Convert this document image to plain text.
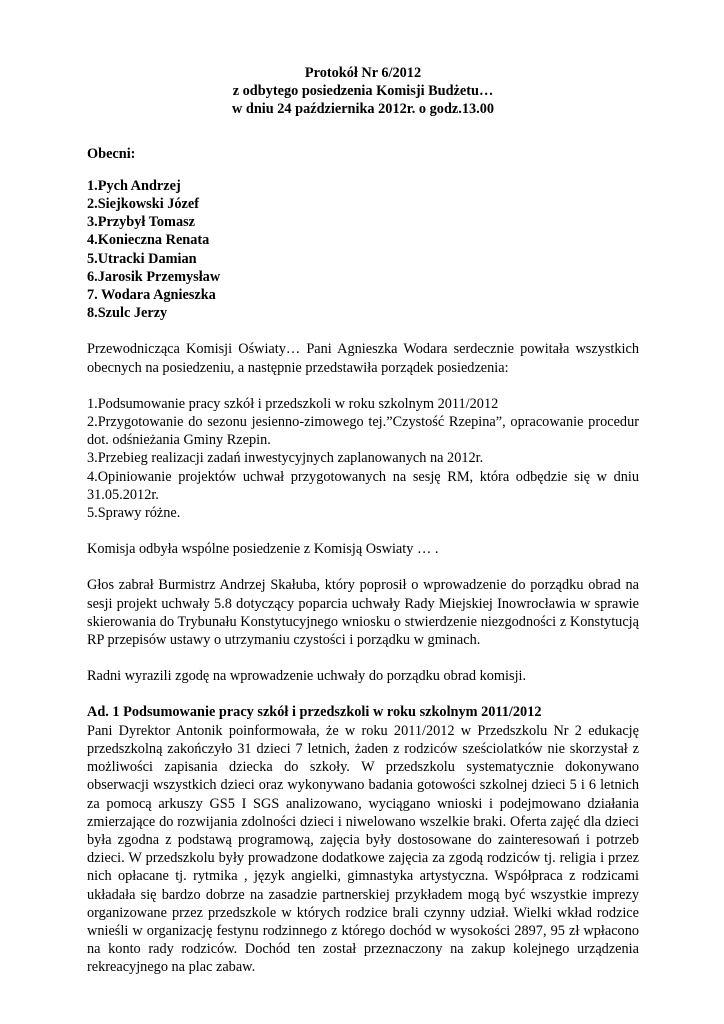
Protokół Nr 6/2012

z odbytego posiedzenia Komisji Budżetu…

w dniu 24 października 2012r. o godz.13.00

Obecni:

1.Pych Andrzej
2.Siejkowski Józef
3.Przybył Tomasz
4.Konieczna Renata
5.Utracki Damian
6.Jarosik Przemysław
7. Wodara Agnieszka
8.Szulc Jerzy

Przewodnicząca Komisji Oświaty… Pani Agnieszka Wodara serdecznie powitała wszystkich obecnych na posiedzeniu, a następnie przedstawiła porządek posiedzenia:

1.Podsumowanie pracy szkół i przedszkoli w roku szkolnym 2011/2012
2.Przygotowanie do sezonu jesienno-zimowego tej.”Czystość Rzepina”, opracowanie procedur dot. odśnieżania Gminy Rzepin.
3.Przebieg realizacji zadań inwestycyjnych zaplanowanych na 2012r.
4.Opiniowanie projektów uchwał przygotowanych na sesję RM, która odbędzie się w dniu 31.05.2012r.
5.Sprawy różne.

Komisja odbyła wspólne posiedzenie z Komisją Oswiaty … .

Głos zabrał Burmistrz Andrzej Skałuba, który poprosił o wprowadzenie do porządku obrad na sesji projekt uchwały 5.8 dotyczący poparcia uchwały Rady Miejskiej Inowrocławia w sprawie skierowania do Trybunału Konstytucyjnego wniosku o stwierdzenie niezgodności z Konstytucją RP przepisów ustawy o utrzymaniu czystości i porządku w gminach.

Radni wyrazili zgodę na wprowadzenie uchwały do porządku obrad komisji.

Ad. 1 Podsumowanie pracy szkół i przedszkoli w roku szkolnym 2011/2012

Pani Dyrektor Antonik poinformowała, że w roku 2011/2012 w Przedszkolu Nr 2 edukację przedszkolną zakończyło 31 dzieci 7 letnich, żaden z rodziców sześciolatków nie skorzystał z możliwości zapisania dziecka do szkoły. W przedszkolu systematycznie dokonywano obserwacji wszystkich dzieci oraz wykonywano badania gotowości szkolnej dzieci 5 i 6 letnich za pomocą arkuszy GS5 I SGS analizowano, wyciągano wnioski i podejmowano działania zmierzające do rozwijania zdolności dzieci i niwelowano wszelkie braki. Oferta zajęć dla dzieci była zgodna z podstawą programową, zajęcia były dostosowane do zainteresowań i potrzeb dzieci. W przedszkolu były prowadzone dodatkowe zajęcia za zgodą rodziców tj. religia i przez nich opłacane tj. rytmika , język angielki, gimnastyka artystyczna. Współpraca z rodzicami układała się bardzo dobrze na zasadzie partnerskiej przykładem mogą być wszystkie imprezy organizowane przez przedszkole w których rodzice brali czynny udział. Wielki wkład rodzice wnieśli w organizację festynu rodzinnego z którego dochód w wysokości 2897, 95 zł wpłacono na konto rady rodziców. Dochód ten został przeznaczony na zakup kolejnego urządzenia rekreacyjnego na plac zabaw.
